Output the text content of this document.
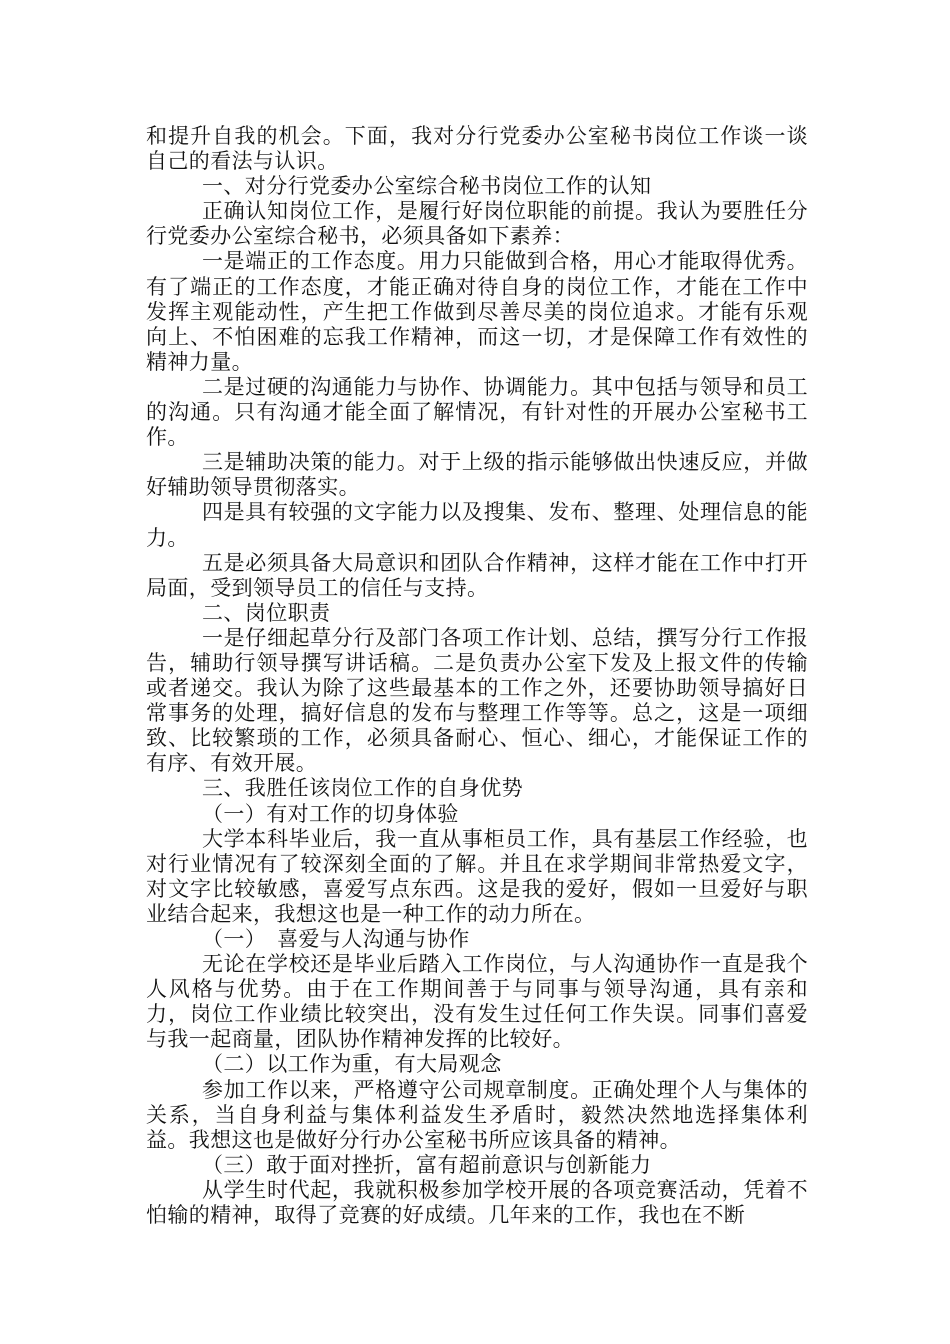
和提升自我的机会。下面，我对分行党委办公室秘书岗位工作谈一谈自己的看法与认识。

一、对分行党委办公室综合秘书岗位工作的认知

正确认知岗位工作，是履行好岗位职能的前提。我认为要胜任分行党委办公室综合秘书，必须具备如下素养：

一是端正的工作态度。用力只能做到合格，用心才能取得优秀。有了端正的工作态度，才能正确对待自身的岗位工作，才能在工作中发挥主观能动性，产生把工作做到尽善尽美的岗位追求。才能有乐观向上、不怕困难的忘我工作精神，而这一切，才是保障工作有效性的精神力量。

二是过硬的沟通能力与协作、协调能力。其中包括与领导和员工的沟通。只有沟通才能全面了解情况，有针对性的开展办公室秘书工作。

三是辅助决策的能力。对于上级的指示能够做出快速反应，并做好辅助领导贯彻落实。

四是具有较强的文字能力以及搜集、发布、整理、处理信息的能力。

五是必须具备大局意识和团队合作精神，这样才能在工作中打开局面，受到领导员工的信任与支持。

二、岗位职责

一是仔细起草分行及部门各项工作计划、总结，撰写分行工作报　告，辅助行领导撰写讲话稿。二是负责办公室下发及上报文件的传输或者递交。我认为除了这些最基本的工作之外，还要协助领导搞好日常事务的处理，搞好信息的发布与整理工作等等。总之，这是一项细致、比较繁琐的工作，必须具备耐心、恒心、细心，才能保证工作的有序、有效开展。

三、我胜任该岗位工作的自身优势

（一）有对工作的切身体验

大学本科毕业后，我一直从事柜员工作，具有基层工作经验，也对行业情况有了较深刻全面的了解。并且在求学期间非常热爱文字，对文字比较敏感，喜爱写点东西。这是我的爱好，假如一旦爱好与职业结合起来，我想这也是一种工作的动力所在。

（一）　喜爱与人沟通与协作

无论在学校还是毕业后踏入工作岗位，与人沟通协作一直是我个人风格与优势。由于在工作期间善于与同事与领导沟通，具有亲和力，岗位工作业绩比较突出，没有发生过任何工作失误。同事们喜爱与我一起商量，团队协作精神发挥的比较好。

（二）以工作为重，有大局观念

参加工作以来，严格遵守公司规章制度。正确处理个人与集体的关系，当自身利益与集体利益发生矛盾时，毅然决然地选择集体利益。我想这也是做好分行办公室秘书所应该具备的精神。

（三）敢于面对挫折，富有超前意识与创新能力

从学生时代起，我就积极参加学校开展的各项竞赛活动，凭着不怕输的精神，取得了竞赛的好成绩。几年来的工作，我也在不断
